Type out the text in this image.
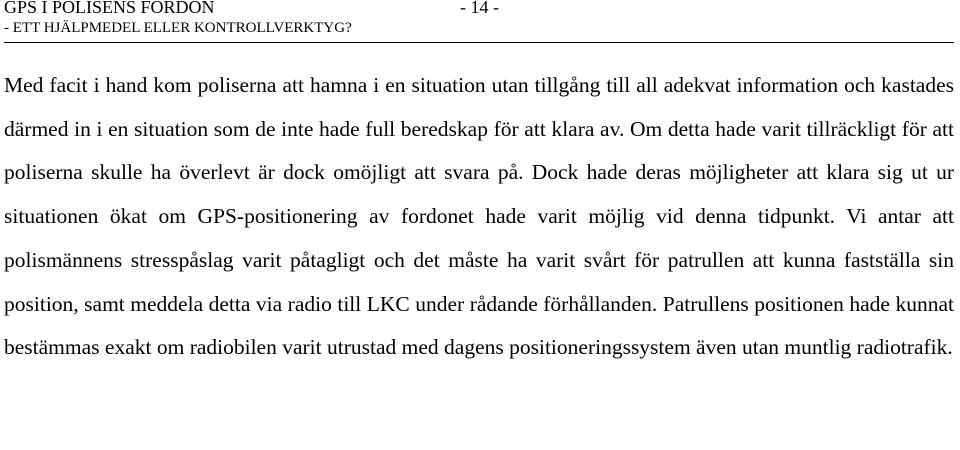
GPS I POLISENS FORDON	- 14 -
- ETT HJÄLPMEDEL ELLER KONTROLLVERKTYG?

Med facit i hand kom poliserna att hamna i en situation utan tillgång till all adekvat information och kastades därmed in i en situation som de inte hade full beredskap för att klara av. Om detta hade varit tillräckligt för att poliserna skulle ha överlevt är dock omöjligt att svara på. Dock hade deras möjligheter att klara sig ut ur situationen ökat om GPS-positionering av fordonet hade varit möjlig vid denna tidpunkt. Vi antar att polismännens stresspåslag varit påtagligt och det måste ha varit svårt för patrullen att kunna fastställa sin position, samt meddela detta via radio till LKC under rådande förhållanden. Patrullens positionen hade kunnat bestämmas exakt om radiobilen varit utrustad med dagens positioneringssystem även utan muntlig radiotrafik.
